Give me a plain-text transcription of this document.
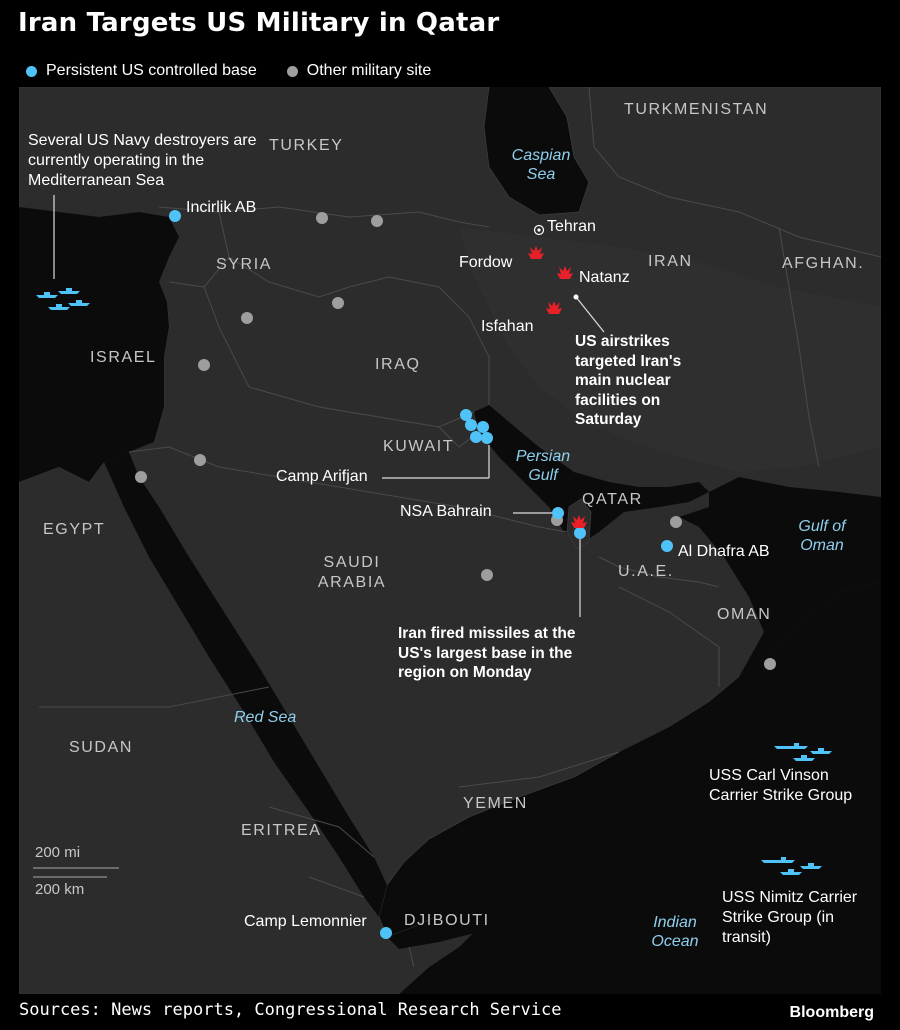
Iran Targets US Military in Qatar
Persistent US controlled base	Other military site
TURKMENISTAN
TURKEY
SYRIA	IRAN	AFGHAN.
ISRAEL	IRAQ
KUWAIT
QATAR
EGYPT
SAUDI ARABIA
U.A.E.
OMAN
SUDAN
YEMEN
ERITREA
DJIBOUTI
Caspian Sea
Persian Gulf
Gulf of Oman
Red Sea
Indian Ocean
Incirlik AB
Tehran
Fordow
Natanz
Isfahan
Camp Arifjan
NSA Bahrain
Al Dhafra AB
Camp Lemonnier
Several US Navy destroyers are currently operating in the Mediterranean Sea
US airstrikes targeted Iran's main nuclear facilities on Saturday
Iran fired missiles at the US's largest base in the region on Monday
USS Carl Vinson Carrier Strike Group
USS Nimitz Carrier Strike Group (in transit)
200 mi
200 km
Sources: News reports, Congressional Research Service	Bloomberg
